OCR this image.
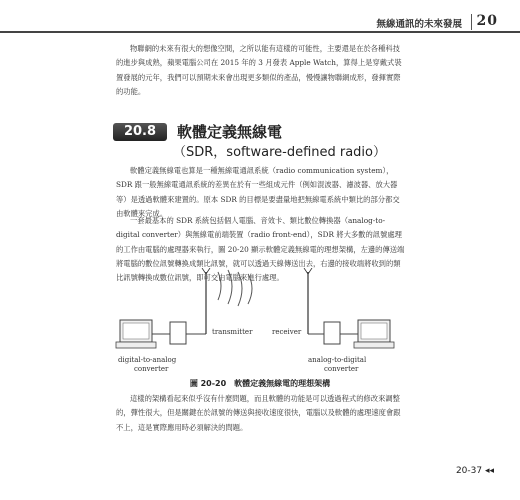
無線通訊的未來發展 20

物聯網的未來有很大的想像空間，之所以能有這樣的可能性，主要還是在於各種科技的進步與成熟，蘋果電腦公司在 2015 年的 3 月發表 Apple Watch，算得上是穿戴式裝置發展的元年，我們可以預期未來會出現更多類似的產品，慢慢讓物聯網成形，發揮實際的功能。

20.8	軟體定義無線電
（SDR，software-defined radio）

軟體定義無線電也算是一種無線電通訊系統（radio communication system），SDR 跟一般無線電通訊系統的差異在於有一些組成元件（例如混波器、濾波器、放大器等）是透過軟體來建置的。原本 SDR 的目標是要盡量地把無線電系統中類比的部分都交由軟體來完成。

一套最基本的 SDR 系統包括個人電腦、音效卡、類比數位轉換器（analog-to-digital converter）與無線電前端裝置（radio front-end），SDR 將大多數的訊號處理的工作由電腦的處理器來執行，圖 20-20 顯示軟體定義無線電的理想架構，左邊的傳送端將電腦的數位訊號轉換成類比訊號，就可以透過天線傳送出去，右邊的接收端將收到的類比訊號轉換成數位訊號，即可交由電腦來進行處理。

transmitter
digital-to-analog
converter
receiver
analog-to-digital
converter
圖 20-20　軟體定義無線電的理想架構

這樣的架構看起來似乎沒有什麼問題，而且軟體的功能是可以透過程式的修改來調整的，彈性很大，但是關鍵在於訊號的傳送與接收速度很快，電腦以及軟體的處理速度會跟不上，這是實際應用時必須解決的問題。

20-37 ◂◂
